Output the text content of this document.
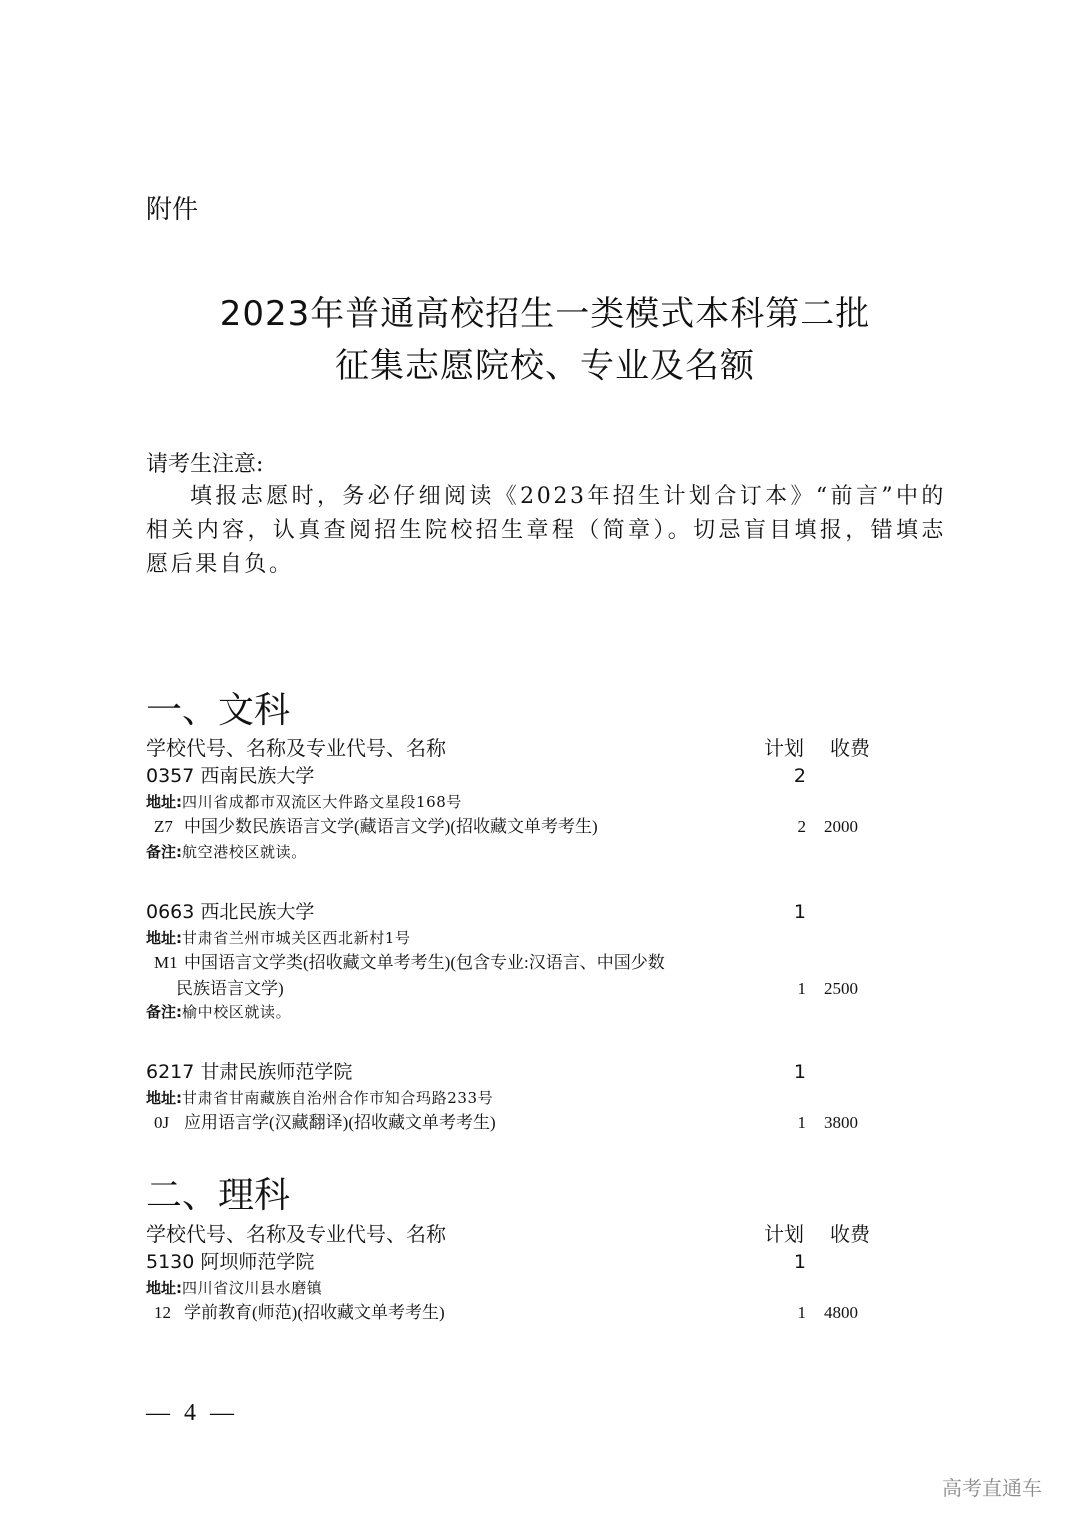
附件
2023年普通高校招生一类模式本科第二批
征集志愿院校、专业及名额
请考生注意:
填报志愿时，务必仔细阅读《2023年招生计划合订本》“前言”中的相关内容，认真查阅招生院校招生章程（简章）。切忌盲目填报，错填志愿后果自负。
一、文科
学校代号、名称及专业代号、名称	计划 收费
0357 西南民族大学	2
地址:四川省成都市双流区大件路文星段168号
Z7 中国少数民族语言文学(藏语言文学)(招收藏文单考考生)	2 2000
备注:航空港校区就读。
0663 西北民族大学	1
地址:甘肃省兰州市城关区西北新村1号
M1 中国语言文学类(招收藏文单考考生)(包含专业:汉语言、中国少数
民族语言文学)	1 2500
备注:榆中校区就读。
6217 甘肃民族师范学院	1
地址:甘肃省甘南藏族自治州合作市知合玛路233号
0J 应用语言学(汉藏翻译)(招收藏文单考考生)	1 3800
二、理科
学校代号、名称及专业代号、名称	计划 收费
5130 阿坝师范学院	1
地址:四川省汶川县水磨镇
12 学前教育(师范)(招收藏文单考考生)	1 4800
— 4 —
高考直通车
